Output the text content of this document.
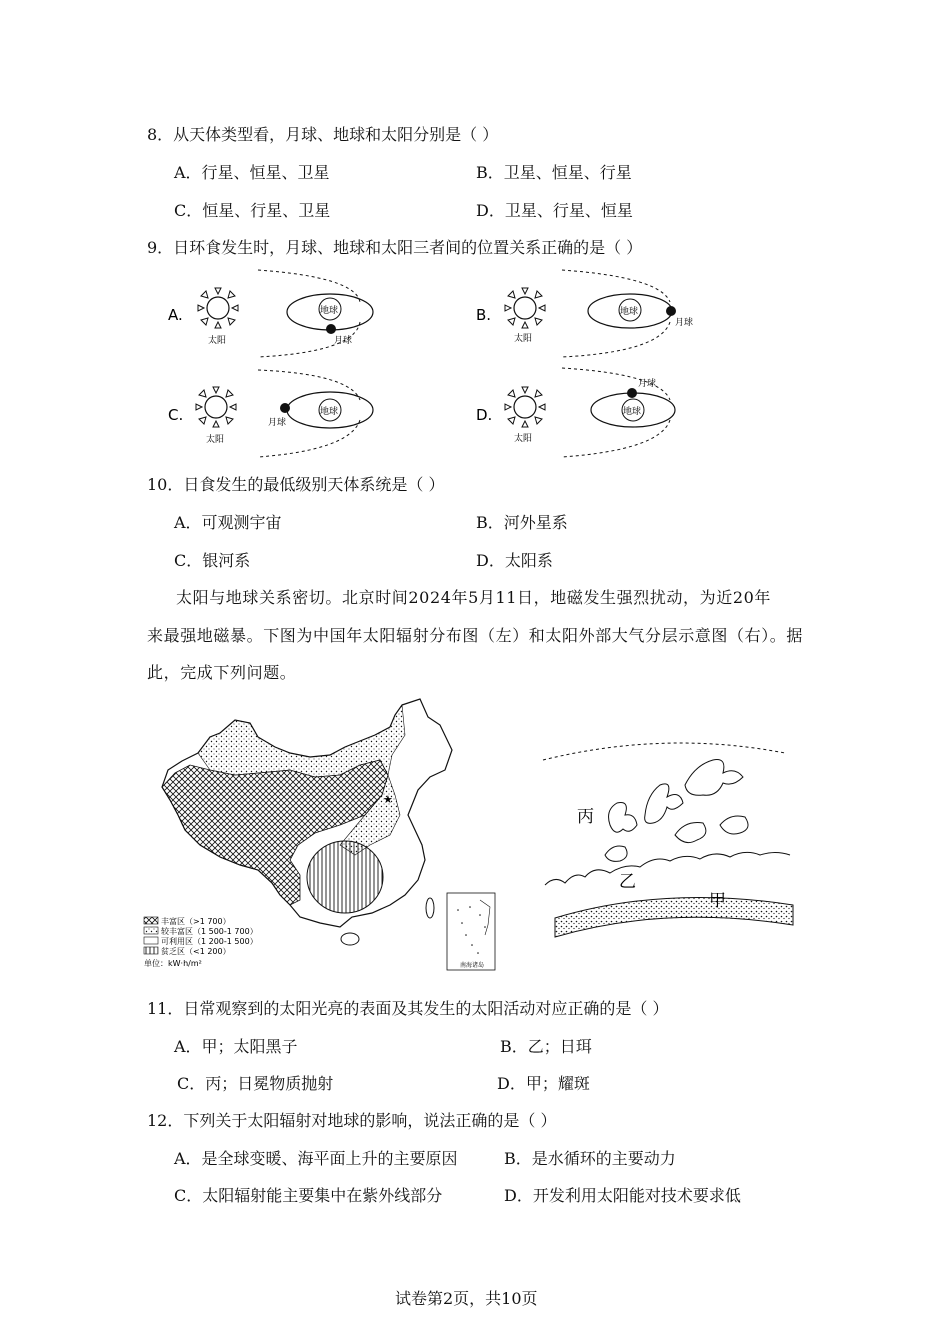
8．从天体类型看，月球、地球和太阳分别是（ ）
A．行星、恒星、卫星	B．卫星、恒星、行星
C．恒星、行星、卫星	D．卫星、行星、恒星
9．日环食发生时，月球、地球和太阳三者间的位置关系正确的是（ ）
A.
太阳
地球
月球
B.
太阳
地球
月球
C.
太阳
地球
月球	D.
太阳
地球
月球
10．日食发生的最低级别天体系统是（ ）
A．可观测宇宙	B．河外星系
C．银河系	D．太阳系
太阳与地球关系密切。北京时间2024年5月11日，地磁发生强烈扰动，为近20年
来最强地磁暴。下图为中国年太阳辐射分布图（左）和太阳外部大气分层示意图（右）。据
此，完成下列问题。
★
南海诸岛
丰富区（>1 700）
较丰富区（1 500-1 700）
可利用区（1 200-1 500）
贫乏区（<1 200）
单位：kW·h/m²
丙
乙
甲
11．日常观察到的太阳光亮的表面及其发生的太阳活动对应正确的是（ ）
A．甲；太阳黑子	B．乙；日珥
C．丙；日冕物质抛射	D．甲；耀斑
12．下列关于太阳辐射对地球的影响，说法正确的是（ ）
A．是全球变暖、海平面上升的主要原因	B．是水循环的主要动力
C．太阳辐射能主要集中在紫外线部分	D．开发利用太阳能对技术要求低
试卷第2页，共10页
